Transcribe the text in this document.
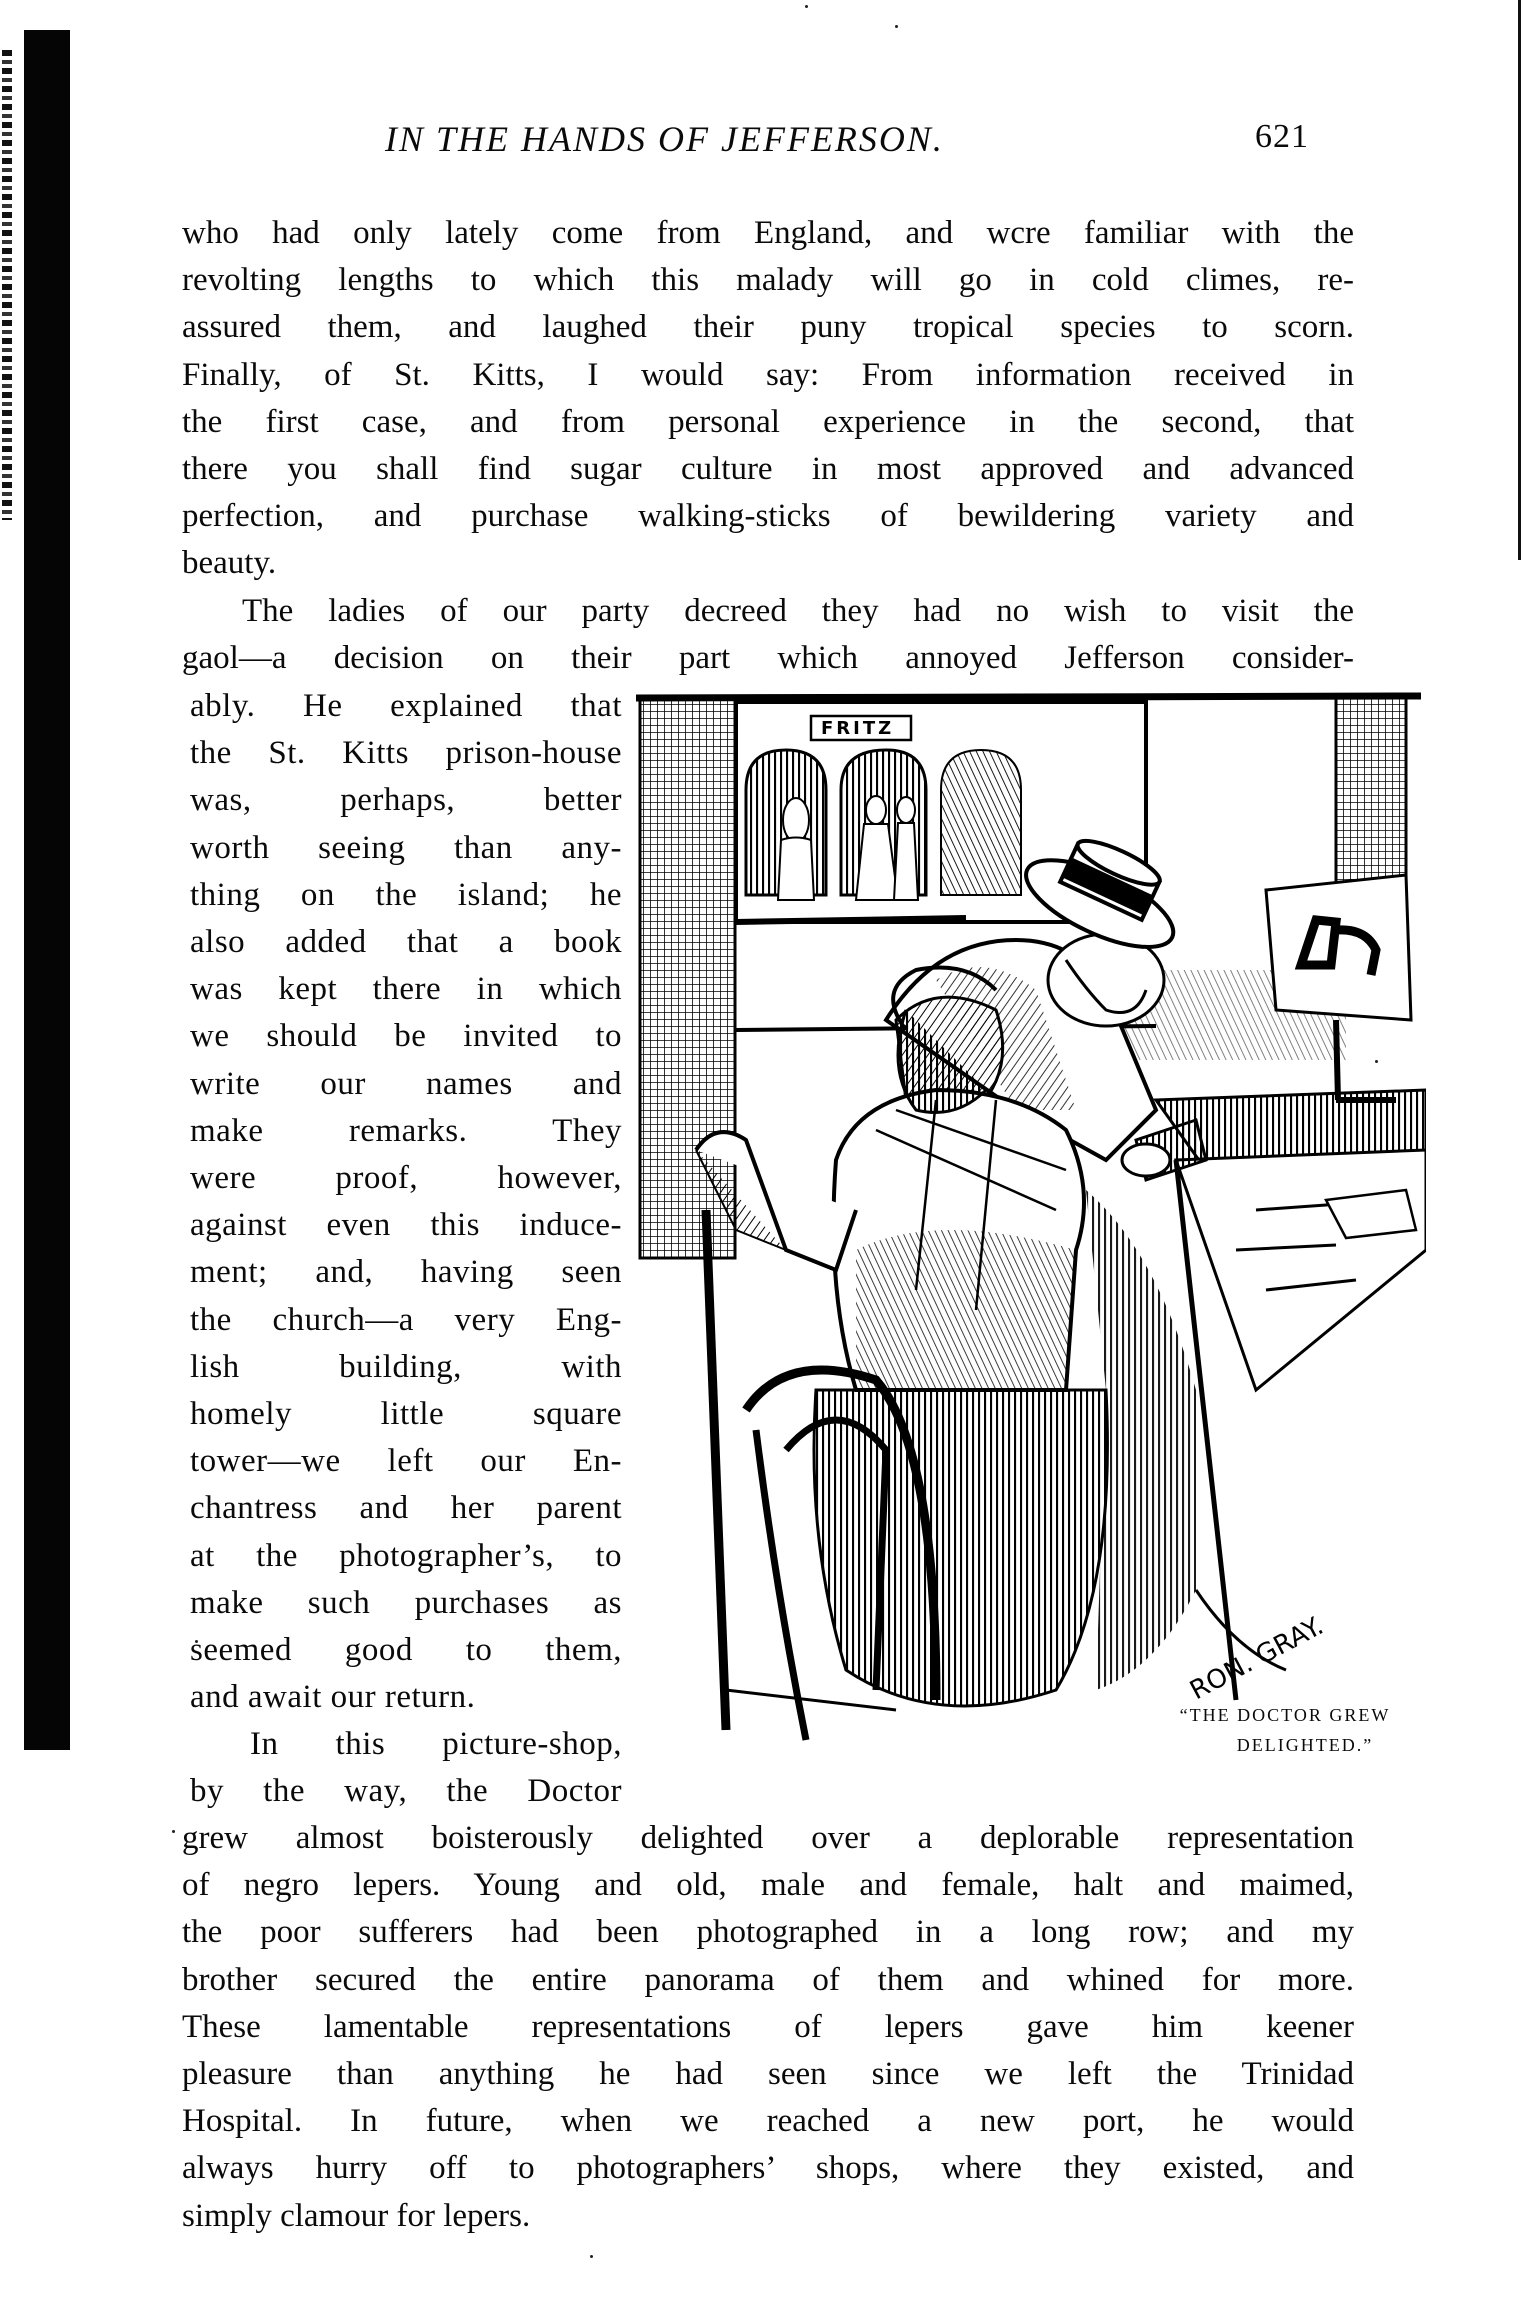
IN THE HANDS OF JEFFERSON.	621
who had only lately come from England, and wcre familiar with the
revolting lengths to which this malady will go in cold climes, re-
assured them, and laughed their puny tropical species to scorn.
Finally, of St. Kitts, I would say: From information received in
the first case, and from personal experience in the second, that
there you shall find sugar culture in most approved and advanced
perfection, and purchase walking-sticks of bewildering variety and
beauty.
The ladies of our party decreed they had no wish to visit the
gaol—a decision on their part which annoyed Jefferson consider-
ably. He explained that
the St. Kitts prison-house
was, perhaps, better
worth seeing than any-
thing on the island; he
also added that a book
was kept there in which
we should be invited to
write our names and
make remarks. They
were proof, however,
against even this induce-
ment; and, having seen
the church—a very Eng-
lish building, with
homely little square
tower—we left our En-
chantress and her parent
at the photographer’s, to
make such purchases as
seemed good to them,
and await our return.
In this picture-shop,
by the way, the Doctor
grew almost boisterously delighted over a deplorable representation
of negro lepers. Young and old, male and female, halt and maimed,
the poor sufferers had been photographed in a long row; and my
brother secured the entire panorama of them and whined for more.
These lamentable representations of lepers gave him keener
pleasure than anything he had seen since we left the Trinidad
Hospital. In future, when we reached a new port, he would
always hurry off to photographers’ shops, where they existed, and
simply clamour for lepers.
FRITZ
RON. GRAY.
“THE DOCTOR GREW
DELIGHTED.”
